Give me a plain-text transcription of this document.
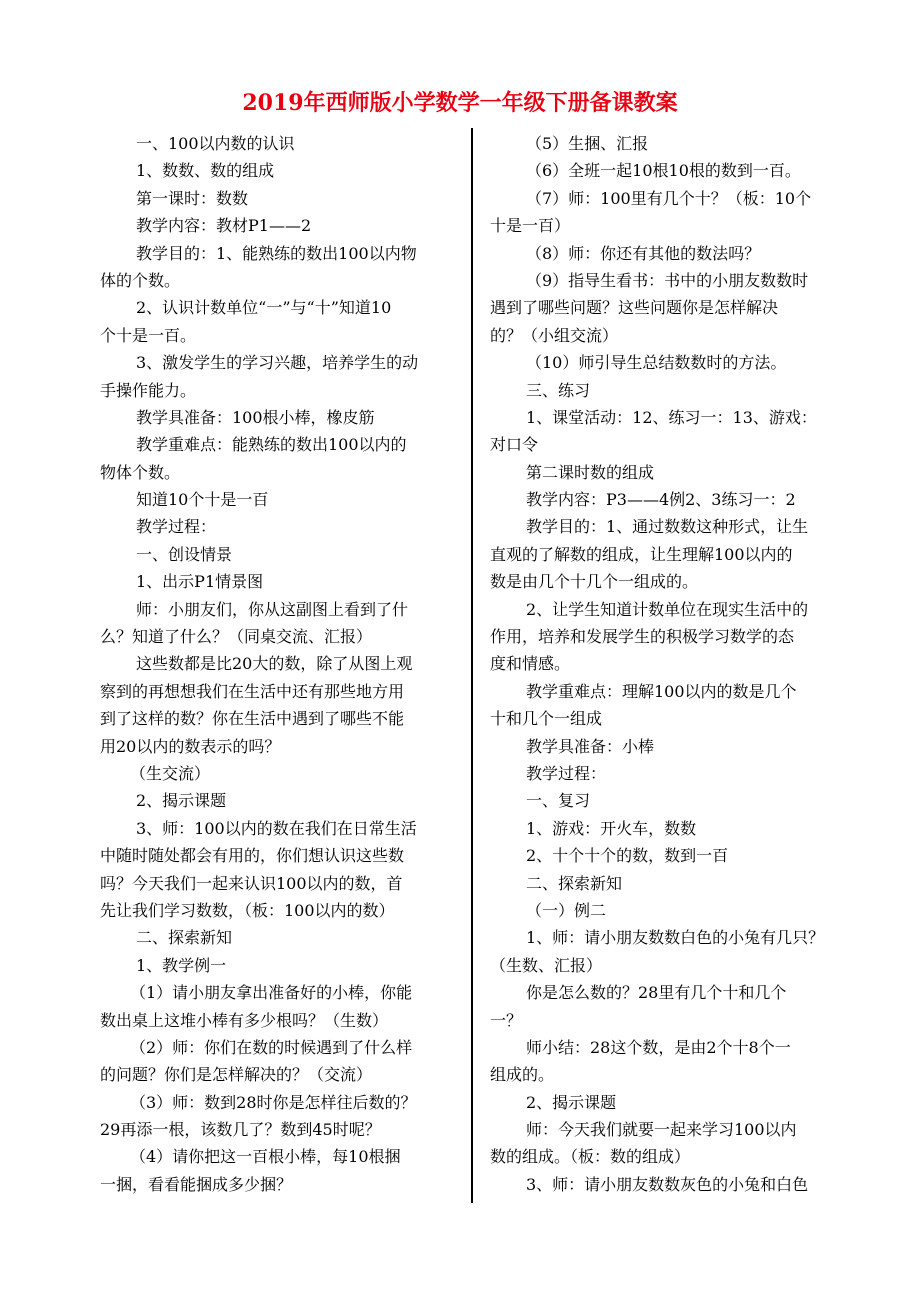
2019年西师版小学数学一年级下册备课教案
一、100以内数的认识
1、数数、数的组成
第一课时：数数
教学内容：教材P1——2
教学目的：1、能熟练的数出100以内物
体的个数。
2、认识计数单位“一”与“十”知道10
个十是一百。
3、激发学生的学习兴趣，培养学生的动
手操作能力。
教学具准备：100根小棒，橡皮筋
教学重难点：能熟练的数出100以内的
物体个数。
知道10个十是一百
教学过程：
一、创设情景
1、出示P1情景图
师：小朋友们，你从这副图上看到了什
么？知道了什么？（同桌交流、汇报）
这些数都是比20大的数，除了从图上观
察到的再想想我们在生活中还有那些地方用
到了这样的数？你在生活中遇到了哪些不能
用20以内的数表示的吗？
（生交流）
2、揭示课题
3、师：100以内的数在我们在日常生活
中随时随处都会有用的，你们想认识这些数
吗？今天我们一起来认识100以内的数，首
先让我们学习数数，（板：100以内的数）
二、探索新知
1、教学例一
（1）请小朋友拿出准备好的小棒，你能
数出桌上这堆小棒有多少根吗？（生数）
（2）师：你们在数的时候遇到了什么样
的问题？你们是怎样解决的？（交流）
（3）师：数到28时你是怎样往后数的？
29再添一根，该数几了？数到45时呢？
（4）请你把这一百根小棒，每10根捆
一捆，看看能捆成多少捆？
（5）生捆、汇报
（6）全班一起10根10根的数到一百。
（7）师：100里有几个十？（板：10个
十是一百）
（8）师：你还有其他的数法吗？
（9）指导生看书：书中的小朋友数数时
遇到了哪些问题？这些问题你是怎样解决
的？（小组交流）
（10）师引导生总结数数时的方法。
三、练习
1、课堂活动：12、练习一：13、游戏：
对口令
第二课时数的组成
教学内容：P3——4例2、3练习一：2
教学目的：1、通过数数这种形式，让生
直观的了解数的组成，让生理解100以内的
数是由几个十几个一组成的。
2、让学生知道计数单位在现实生活中的
作用，培养和发展学生的积极学习数学的态
度和情感。
教学重难点：理解100以内的数是几个
十和几个一组成
教学具准备：小棒
教学过程：
一、复习
1、游戏：开火车，数数
2、十个十个的数，数到一百
二、探索新知
（一）例二
1、师：请小朋友数数白色的小兔有几只？
（生数、汇报）
你是怎么数的？28里有几个十和几个
一？
师小结：28这个数，是由2个十8个一
组成的。
2、揭示课题
师：今天我们就要一起来学习100以内
数的组成。（板：数的组成）
3、师：请小朋友数数灰色的小兔和白色
